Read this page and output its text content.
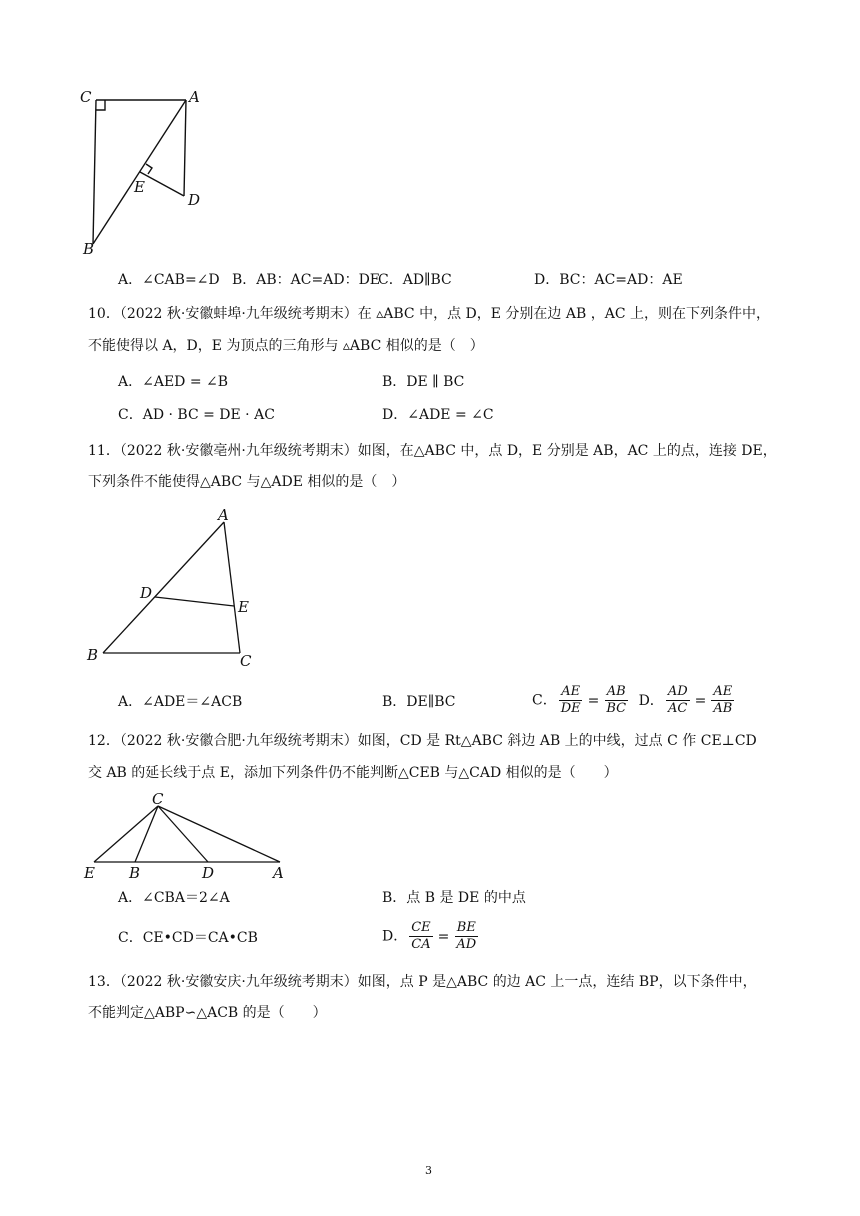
C	A
E
D
B
A．∠CAB=∠D B．AB：AC=AD：DE
C．AD∥BC	D．BC：AC=AD：AE
10．（2022 秋·安徽蚌埠·九年级统考期末）在 ▵ABC 中，点 D，E 分别在边 AB ，AC 上，则在下列条件中，
不能使得以 A，D，E 为顶点的三角形与 ▵ABC 相似的是（　）
A．∠AED = ∠B	B．DE ∥ BC
C．AD · BC = DE · AC	D．∠ADE = ∠C
11．（2022 秋·安徽亳州·九年级统考期末）如图，在△ABC 中，点 D，E 分别是 AB，AC 上的点，连接 DE，
下列条件不能使得△ABC 与△ADE 相似的是（　）
A
D
E
B	C
A．∠ADE＝∠ACB	B．DE∥BC	C． $\frac{AE}{DE} = \frac{AB}{BC}$ D． $\frac{AD}{AC} = \frac{AE}{AB}$
12．（2022 秋·安徽合肥·九年级统考期末）如图，CD 是 Rt△ABC 斜边 AB 上的中线，过点 C 作 CE⊥CD
交 AB 的延长线于点 E，添加下列条件仍不能判断△CEB 与△CAD 相似的是（　　）
C
E B	D	A
A．∠CBA＝2∠A	B．点 B 是 DE 的中点
C．CE•CD＝CA•CB	D． $\frac{CE}{CA} = \frac{BE}{AD}$
13．（2022 秋·安徽安庆·九年级统考期末）如图，点 P 是△ABC 的边 AC 上一点，连结 BP，以下条件中，
不能判定△ABP∽△ACB 的是（　　）
3
